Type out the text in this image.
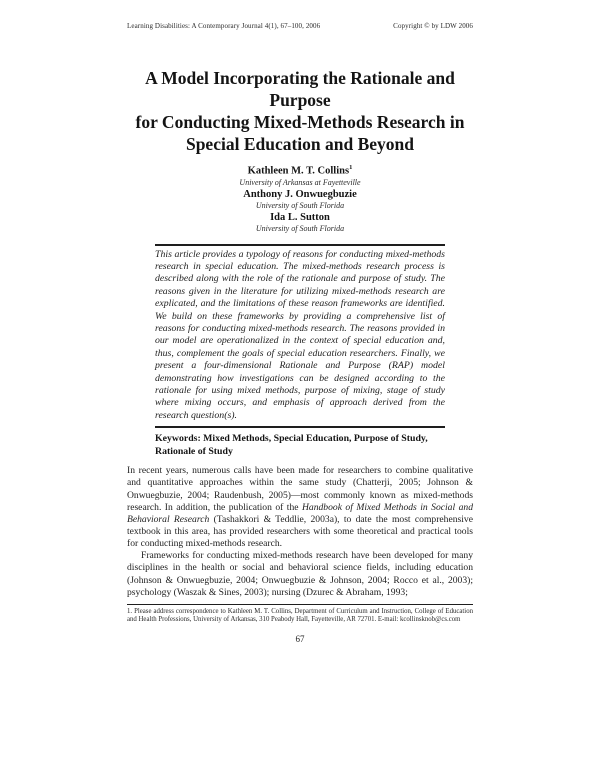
Learning Disabilities: A Contemporary Journal 4(1), 67–100, 2006	Copyright © by LDW 2006
A Model Incorporating the Rationale and Purpose
for Conducting Mixed-Methods Research in
Special Education and Beyond
Kathleen M. T. Collins$^1$
University of Arkansas at Fayetteville
Anthony J. Onwuegbuzie
University of South Florida
Ida L. Sutton
University of South Florida
This article provides a typology of reasons for conducting mixed-methods research in special education. The mixed-methods research process is described along with the role of the rationale and purpose of study. The reasons given in the literature for utilizing mixed-methods research are explicated, and the limitations of these reason frameworks are identified. We build on these frameworks by providing a comprehensive list of reasons for conducting mixed-methods research. The reasons provided in our model are operationalized in the context of special education and, thus, complement the goals of special education researchers. Finally, we present a four-dimensional Rationale and Purpose (RAP) model demonstrating how investigations can be designed according to the rationale for using mixed methods, purpose of mixing, stage of study where mixing occurs, and emphasis of approach derived from the research question(s).
Keywords: Mixed Methods, Special Education, Purpose of Study, Rationale of Study

In recent years, numerous calls have been made for researchers to combine qualitative and quantitative approaches within the same study (Chatterji, 2005; Johnson & Onwuegbuzie, 2004; Raudenbush, 2005)—most commonly known as mixed-methods research. In addition, the publication of the Handbook of Mixed Methods in Social and Behavioral Research (Tashakkori & Teddlie, 2003a), to date the most comprehensive textbook in this area, has provided researchers with some theoretical and practical tools for conducting mixed-methods research.

Frameworks for conducting mixed-methods research have been developed for many disciplines in the health or social and behavioral science fields, including education (Johnson & Onwuegbuzie, 2004; Onwuegbuzie & Johnson, 2004; Rocco et al., 2003); psychology (Waszak & Sines, 2003); nursing (Dzurec & Abraham, 1993;

1. Please address correspondence to Kathleen M. T. Collins, Department of Curriculum and Instruction, College of Education and Health Professions, University of Arkansas, 310 Peabody Hall, Fayetteville, AR 72701. E-mail: kcollinsknob@cs.com
67
